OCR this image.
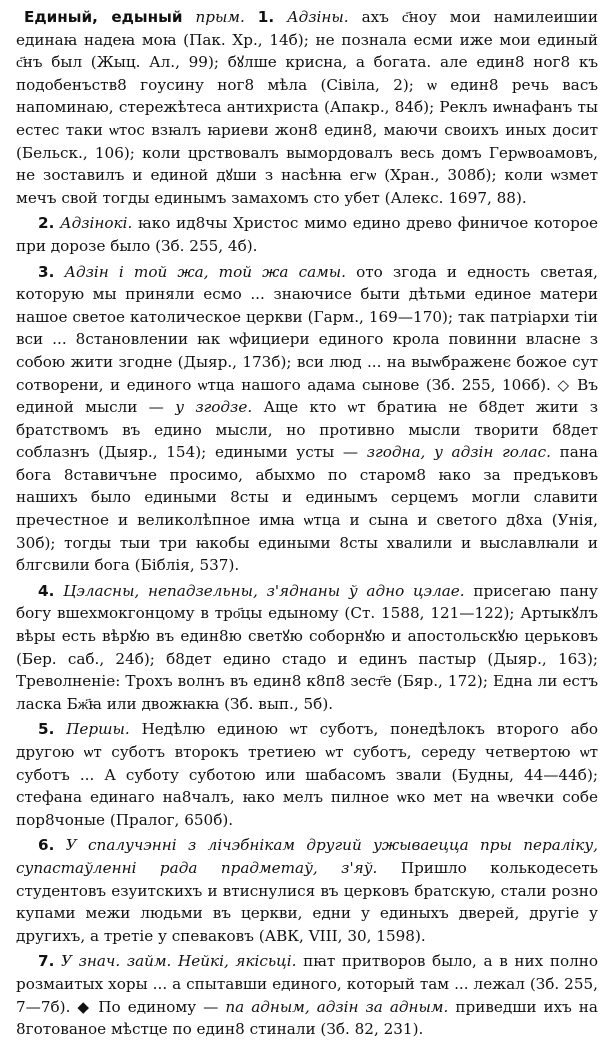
Единый, едыный прым. 1. Адзіны. ахъ с҃ноу мои намилеишии единаꙗ надеꙗ моꙗ (Пак. Хр., 14б); не познала есми иже мои единый с҃нъ был (Жыц. Ал., 99); бꙋлше крисна, а богата. але един8 ног8 къ подобенъств8 гоусину ног8 мѣла (Сівіла, 2); ѡ един8 речь васъ напоминаю, стережѣтеса антихриста (Апакр., 84б); Реклъ иѡнафанъ ты естес таки ѡтос взꙗлъ ꙗриеви жон8 един8, маючи своихъ иных досит (Бельск., 106); коли црствовалъ вымордовалъ весь домъ Герѡвоамовъ, не зоставилъ и единой дꙋши з насѣнꙗ егѡ (Хран., 308б); коли ѡзмет мечъ свой тогды единымъ замахомъ сто убет (Алекс. 1697, 88).

2. Адзінокі. ꙗко ид8чы Христос мимо едино древо финичое которое при дорозе было (Зб. 255, 4б).

3. Адзін і той жа, той жа самы. ото згода и едность светая, которую мы приняли есмо ... знаючисе быти дѣтьми единое матери нашое светое католическое церкви (Гарм., 169—170); так патріархи тіи вси ... 8становлении ꙗк ѡфициери единого крола повинни власне з собою жити згодне (Дыяр., 173б); вси люд ... на выѡбраженє божое сут сотворени, и единого ѡтца нашого адама сынове (Зб. 255, 106б). ◇ Въ единой мысли — у згодзе. Аще кто ѡт братиꙗ не б8дет жити з братствомъ въ едино мысли, но противно мысли творити б8дет соблазнъ (Дыяр., 154); едиными усты — згодна, у адзін голас. пана бога 8ставичъне просимо, абыхмо по старом8 ꙗко за предъковъ нашихъ было едиными 8сты и единымъ серцемъ могли славити пречестное и великолѣпное имꙗ ѡтца и сына и светого д8ха (Унія, 30б); тогды тыи три ꙗкобы едиными 8сты хвалили и выславлꙗли и блгсвили бога (Біблія, 537).

4. Цэласны, непадзельны, з'яднаны ў адно цэлае. присегаю пану богу вшехмокгонцому в тро҃цы едыному (Ст. 1588, 121—122); Артыкꙋлъ вѣры есть вѣрꙋю въ един8ю светꙋю соборнꙋю и апостольскꙋю церьковъ (Бер. саб., 24б); б8дет едино стадо и единъ пастыр (Дыяр., 163); Треволненіе: Трохъ волнъ въ един8 к8п8 зест҃е (Бяр., 172); Една ли естъ ласка Бж҃ꙗ или двожꙗкꙗ (Зб. вып., 5б).

5. Першы. Недѣлю единою ѡт суботъ, понедѣлокъ второго або другою ѡт суботъ второкъ третиею ѡт суботъ, середу четвертою ѡт суботъ ... А суботу суботою или шабасомъ звали (Будны, 44—44б); стефана единаго на8чалъ, ꙗко мелъ пилное ѡко мет на ѡвечки собе пор8чоные (Пралог, 650б).

6. У спалучэнні з лічэбнікам другий ужываецца пры пералiку, супастаўленні рада прадметаў, з'яў. Пришло колькодесеть студентовъ езуитскихъ и втиснулися въ церковъ братскую, стали розно купами межи людьми въ церкви, едни у единыхъ дверей, другіе у другихъ, а третіе у спеваковъ (АВК, VIII, 30, 1598).

7. У знач. займ. Нейкі, якісьці. пꙗт притворов было, а в них полно розмаитых хоры ... а спытавши единого, который там ... лежал (Зб. 255, 7—7б). ◆ По единому — па адным, адзін за адным. приведши ихъ на 8готованое мѣстце по един8 стинали (Зб. 82, 231).
